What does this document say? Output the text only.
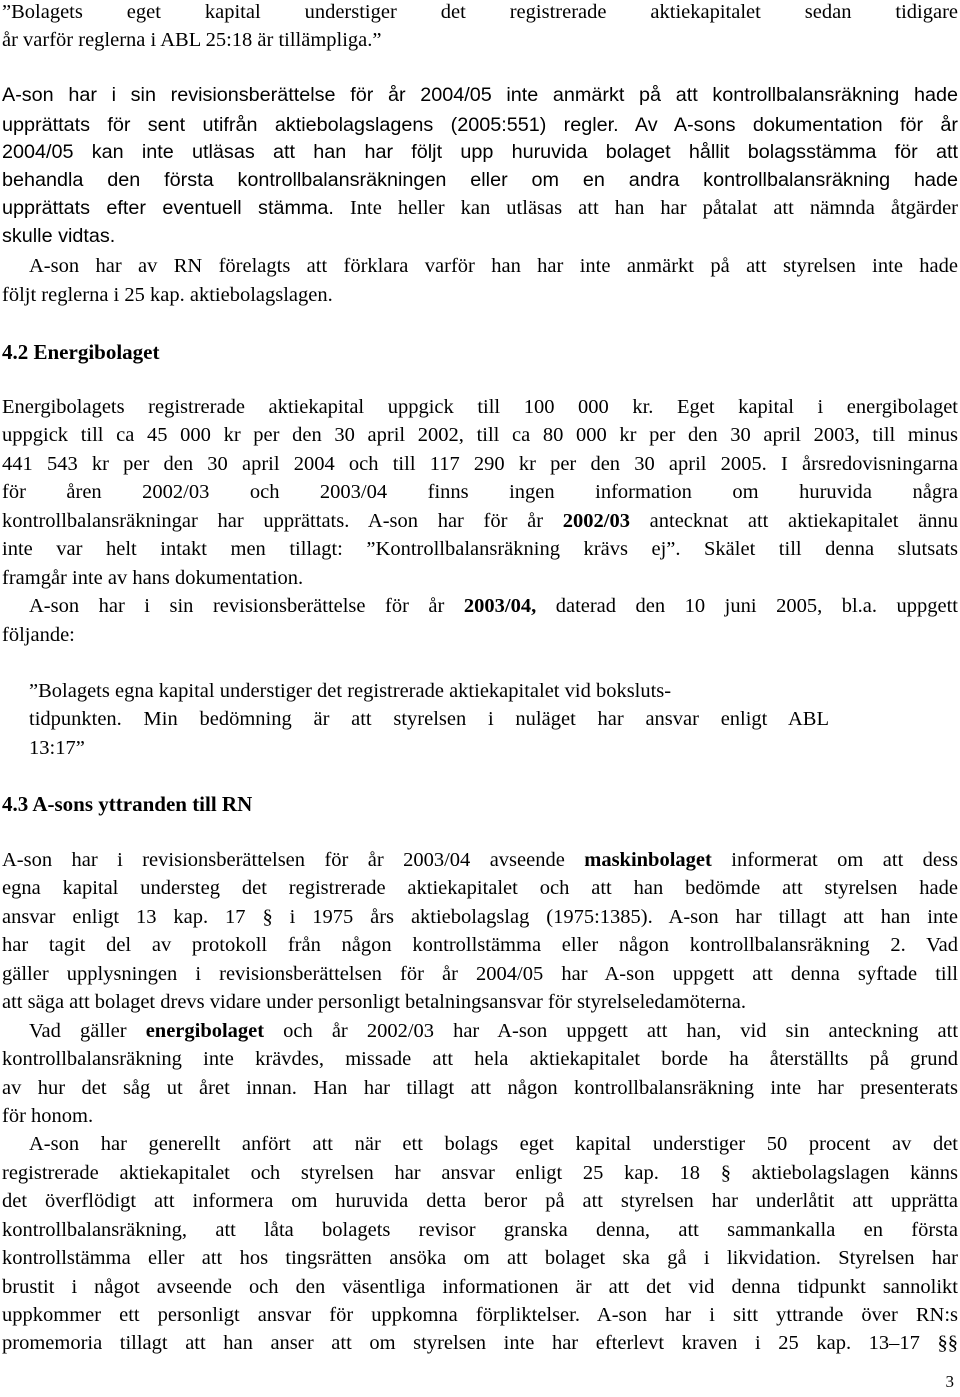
”Bolagets eget kapital understiger det registrerade aktiekapitalet sedan tidigare
år varför reglerna i ABL 25:18 är tillämpliga.”
A-son har i sin revisionsberättelse för år 2004/05 inte anmärkt på att kontrollbalansräkning hade
upprättats för sent utifrån aktiebolagslagens (2005:551) regler. Av A-sons dokumentation för år
2004/05 kan inte utläsas att han har följt upp huruvida bolaget hållit bolagsstämma för att
behandla den första kontrollbalansräkningen eller om en andra kontrollbalansräkning hade
upprättats efter eventuell stämma. Inte heller kan utläsas att han har påtalat att nämnda åtgärder
skulle vidtas.
A-son har av RN förelagts att förklara varför han har inte anmärkt på att styrelsen inte hade
följt reglerna i 25 kap. aktiebolagslagen.
4.2 Energibolaget
Energibolagets registrerade aktiekapital uppgick till 100 000 kr. Eget kapital i energibolaget
uppgick till ca 45 000 kr per den 30 april 2002, till ca 80 000 kr per den 30 april 2003, till minus
441 543 kr per den 30 april 2004 och till 117 290 kr per den 30 april 2005. I årsredovisningarna
för åren 2002/03 och 2003/04 finns ingen information om huruvida några
kontrollbalansräkningar har upprättats. A-son har för år 2002/03 antecknat att aktiekapitalet ännu
inte var helt intakt men tillagt: ”Kontrollbalansräkning krävs ej”. Skälet till denna slutsats
framgår inte av hans dokumentation.
A-son har i sin revisionsberättelse för år 2003/04, daterad den 10 juni 2005, bl.a. uppgett
följande:
”Bolagets egna kapital understiger det registrerade aktiekapitalet vid boksluts-
tidpunkten. Min bedömning är att styrelsen i nuläget har ansvar enligt ABL
13:17”
4.3 A-sons yttranden till RN
A-son har i revisionsberättelsen för år 2003/04 avseende maskinbolaget informerat om att dess
egna kapital understeg det registrerade aktiekapitalet och att han bedömde att styrelsen hade
ansvar enligt 13 kap. 17 § i 1975 års aktiebolagslag (1975:1385). A-son har tillagt att han inte
har tagit del av protokoll från någon kontrollstämma eller någon kontrollbalansräkning 2. Vad
gäller upplysningen i revisionsberättelsen för år 2004/05 har A-son uppgett att denna syftade till
att säga att bolaget drevs vidare under personligt betalningsansvar för styrelseledamöterna.
Vad gäller energibolaget och år 2002/03 har A-son uppgett att han, vid sin anteckning att
kontrollbalansräkning inte krävdes, missade att hela aktiekapitalet borde ha återställts på grund
av hur det såg ut året innan. Han har tillagt att någon kontrollbalansräkning inte har presenterats
för honom.
A-son har generellt anfört att när ett bolags eget kapital understiger 50 procent av det
registrerade aktiekapitalet och styrelsen har ansvar enligt 25 kap. 18 § aktiebolagslagen känns
det överflödigt att informera om huruvida detta beror på att styrelsen har underlåtit att upprätta
kontrollbalansräkning, att låta bolagets revisor granska denna, att sammankalla en första
kontrollstämma eller att hos tingsrätten ansöka om att bolaget ska gå i likvidation. Styrelsen har
brustit i något avseende och den väsentliga informationen är att det vid denna tidpunkt sannolikt
uppkommer ett personligt ansvar för uppkomna förpliktelser. A-son har i sitt yttrande över RN:s
promemoria tillagt att han anser att om styrelsen inte har efterlevt kraven i 25 kap. 13–17 §§
3
